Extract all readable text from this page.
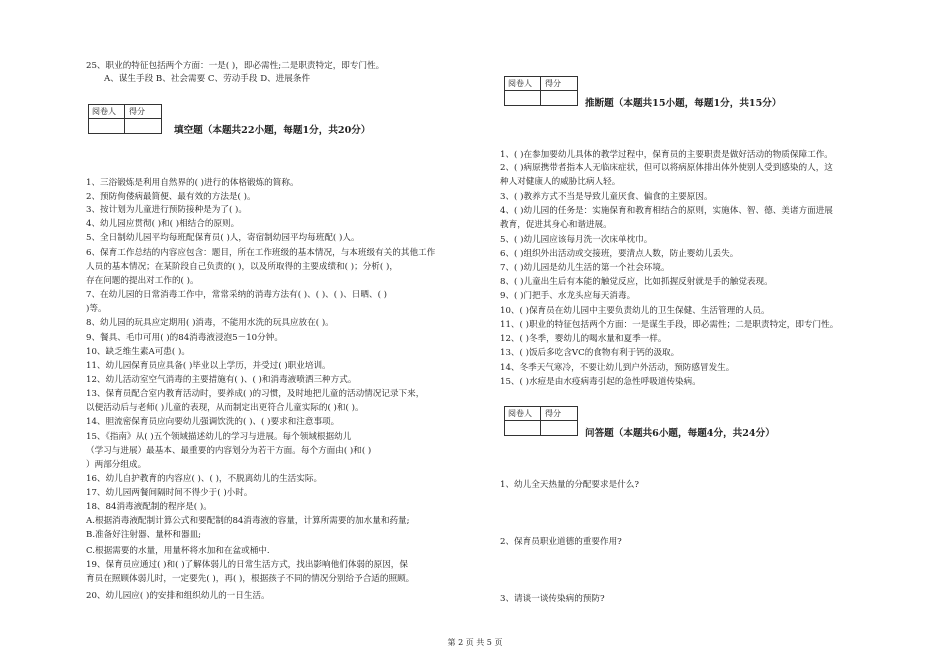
25、职业的特征包括两个方面：一是( )，即必需性;二是职责特定，即专门性。
A、谋生手段 B、社会需要 C、劳动手段 D、进展条件
阅卷人 得分
填空题（本题共22小题，每题1分，共20分）
1、三浴锻炼是利用自然界的( )进行的体格锻炼的简称。
2、预防佝偻病最简便、最有效的方法是( )。
3、按计划为儿童进行预防接种是为了( )。
4、幼儿园应贯彻( )和( )相结合的原则。
5、全日制幼儿园平均每班配保育员( )人，寄宿制幼园平均每班配( )人。
6、保育工作总结的内容应包含：题目，所在工作班级的基本情况，与本班级有关的其他工作
人员的基本情况；在某阶段自己负责的( )，以及所取得的主要成绩和( )；分析( )，
存在问题的提出对工作的( )。
7、在幼儿园的日常消毒工作中，常常采纳的消毒方法有( )、( )、( )、日晒、( )
)等。
8、幼儿园的玩具应定期用( )消毒，不能用水洗的玩具应放在( )。
9、餐具、毛巾可用( )的84消毒液浸泡5－10分钟。
10、缺乏维生素A可患( )。
11、幼儿园保育员应具备( )毕业以上学历，并受过( )职业培训。
12、幼儿活动室空气消毒的主要措施有( )、( )和消毒液喷洒三种方式。
13、保育员配合室内教育活动时，要养成( )的习惯，及时地把儿童的活动情况记录下来，
以便活动后与老师( )儿童的表现，从而制定出更符合儿童实际的( )和( )。
14、胆流密保育员应向要幼儿强调饮洗的( )、( )要求和注意事项。
15、《指南》从( )五个领域描述幼儿的学习与进展。每个领域根据幼儿
（学习与进展）最基本、最重要的内容划分为若干方面。每个方面由( )和( )
）两部分组成。
16、幼儿自护教育的内容应( )、( )，不脱离幼儿的生活实际。
17、幼儿园两餐间隔时间不得少于( )小时。
18、84消毒液配制的程序是( )。
A.根据消毒液配制计算公式和要配制的84消毒液的容量，计算所需要的加水量和药量;
B.准备好注射器、量杯和器皿;
C.根据需要的水量，用量杯将水加和在盆或桶中.
19、保育员应通过( )和( )了解体弱儿的日常生活方式，找出影响他们体弱的原因，保
育员在照顾体弱儿时，一定要先( )，再( )，根据孩子不同的情况分别给予合适的照顾。
20、幼儿园应( )的安排和组织幼儿的一日生活。
阅卷人 得分
推断题（本题共15小题，每题1分，共15分）
1、( )在参加要幼儿具体的教学过程中，保育员的主要职责是做好活动的物质保障工作。
2、( )病原携带者指本人无临床症状，但可以将病原体排出体外使别人受到感染的人，这
种人对健康人的威胁比病人轻。
3、( )教养方式不当是导致儿童厌食、偏食的主要原因。
4、( )幼儿园的任务是：实施保育和教育相结合的原则，实施体、智、德、美诸方面进展
教育，促进其身心和谐进展。
5、( )幼儿园应该每月洗一次床单枕巾。
6、( )组织外出活动或交接班，要清点人数，防止婴幼儿丢失。
7、( )幼儿园是幼儿生活的第一个社会环境。
8、( )儿童出生后有本能的触觉反应，比如抓握反射就是手的触觉表现。
9、( )门把手、水龙头应每天消毒。
10、( )保育员在幼儿园中主要负责幼儿的卫生保健、生活管理的人员。
11、( )职业的特征包括两个方面：一是谋生手段，即必需性；二是职责特定，即专门性。
12、( )冬季，婴幼儿的喝水量和夏季一样。
13、( )饭后多吃含VC的食物有利于钙的汲取。
14、冬季天气寒冷，不要让幼儿到户外活动，预防感冒发生。
15、( )水痘是由水疫病毒引起的急性呼吸道传染病。
阅卷人 得分
问答题（本题共6小题，每题4分，共24分）
1、幼儿全天热量的分配要求是什么?
2、保育员职业道德的重要作用?
3、请谈一谈传染病的预防?
第 2 页 共 5 页
